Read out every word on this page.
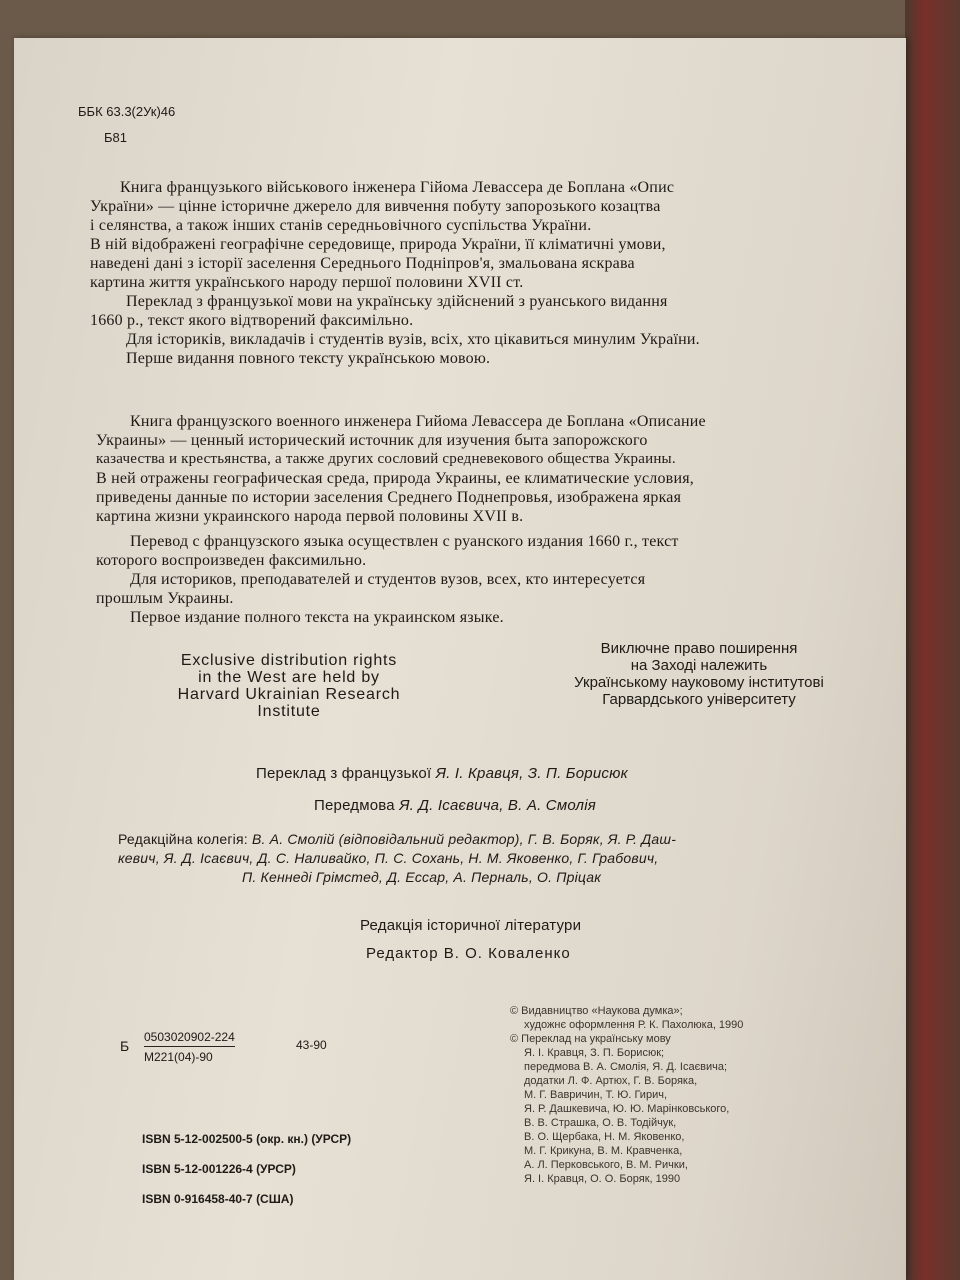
ББК 63.3(2Ук)46
Б81
Книга французького військового інженера Гійома Левассера де Боплана «Опис
України» — цінне історичне джерело для вивчення побуту запорозького козацтва
і селянства, а також інших станів середньовічного суспільства України.
В ній відображені географічне середовище, природа України, її кліматичні умови,
наведені дані з історії заселення Середнього Подніпров'я, змальована яскрава
картина життя українського народу першої половини XVII ст.
Переклад з французької мови на українську здійснений з руанського видання
1660 р., текст якого відтворений факсимільно.
Для істориків, викладачів і студентів вузів, всіх, хто цікавиться минулим України.
Перше видання повного тексту українською мовою.
Книга французского военного инженера Гийома Левассера де Боплана «Описание
Украины» — ценный исторический источник для изучения быта запорожского
казачества и крестьянства, а также других сословий средневекового общества Украины.
В ней отражены географическая среда, природа Украины, ее климатические условия,
приведены данные по истории заселения Среднего Поднепровья, изображена яркая
картина жизни украинского народа первой половины XVII в.
Перевод с французского языка осуществлен с руанского издания 1660 г., текст
которого воспроизведен факсимильно.
Для историков, преподавателей и студентов вузов, всех, кто интересуется
прошлым Украины.
Первое издание полного текста на украинском языке.
Exclusive distribution rights
in the West are held by
Harvard Ukrainian Research
Institute
Виключне право поширення
на Заході належить
Українському науковому інститутові
Гарвардського університету
Переклад з французької Я. І. Кравця, З. П. Борисюк
Передмова Я. Д. Ісаєвича, В. А. Смолія
Редакційна колегія: В. А. Смолій (відповідальний редактор), Г. В. Боряк, Я. Р. Даш-
кевич, Я. Д. Ісаєвич, Д. С. Наливайко, П. С. Сохань, Н. М. Яковенко, Г. Грабович,
П. Кеннеді Грімстед, Д. Ессар, А. Перналь, О. Пріцак
Редакція історичної літератури
Редактор В. О. Коваленко
Б
0503020902-224
М221(04)-90
43-90
© Видавництво «Наукова думка»;
художнє оформлення Р. К. Пахолюка, 1990
© Переклад на українську мову
Я. І. Кравця, З. П. Борисюк;
передмова В. А. Смолія, Я. Д. Ісаєвича;
додатки Л. Ф. Артюх, Г. В. Боряка,
М. Г. Вавричин, Т. Ю. Гирич,
Я. Р. Дашкевича, Ю. Ю. Марінковського,
В. В. Страшка, О. В. Тодійчук,
В. О. Щербака, Н. М. Яковенко,
М. Г. Крикуна, В. М. Кравченка,
А. Л. Перковського, В. М. Рички,
Я. І. Кравця, О. О. Боряк, 1990
ISBN 5-12-002500-5 (окр. кн.) (УРСР)
ISBN 5-12-001226-4 (УРСР)
ISBN 0-916458-40-7 (США)
